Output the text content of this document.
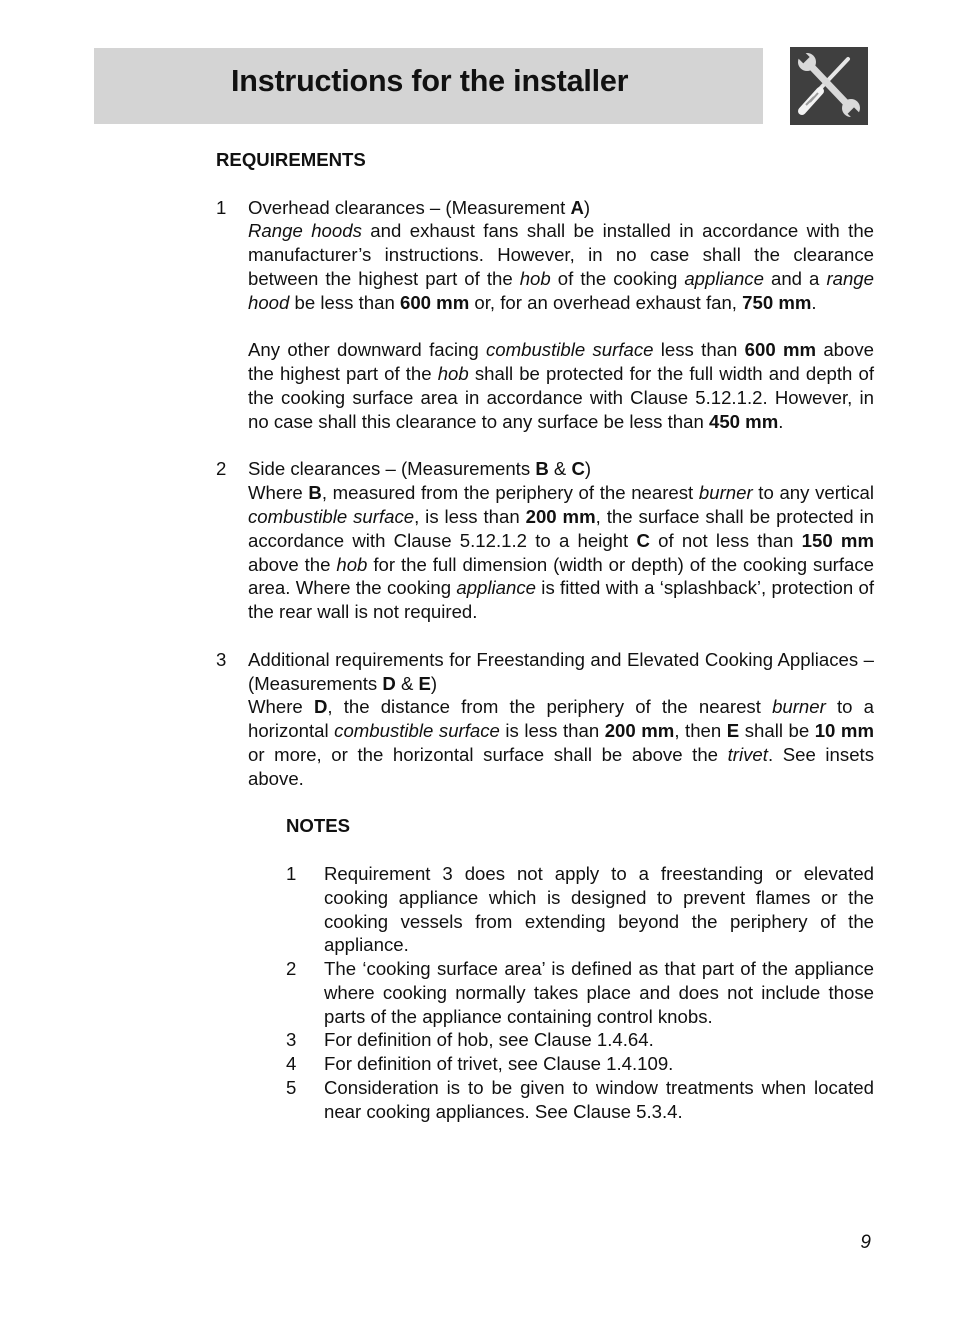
Instructions for the installer

REQUIREMENTS

1 Overhead clearances – (Measurement A)

Range hoods and exhaust fans shall be installed in accordance with the manufacturer’s instructions. However, in no case shall the clearance between the highest part of the hob of the cooking appliance and a range hood be less than 600 mm or, for an overhead exhaust fan, 750 mm.

Any other downward facing combustible surface less than 600 mm above the highest part of the hob shall be protected for the full width and depth of the cooking surface area in accordance with Clause 5.12.1.2. However, in no case shall this clearance to any surface be less than 450 mm.

2 Side clearances – (Measurements B & C)

Where B, measured from the periphery of the nearest burner to any vertical combustible surface, is less than 200 mm, the surface shall be protected in accordance with Clause 5.12.1.2 to a height C of not less than 150 mm above the hob for the full dimension (width or depth) of the cooking surface area. Where the cooking appliance is fitted with a ‘splashback’, protection of the rear wall is not required.

3 Additional requirements for Freestanding and Elevated Cooking Appliaces – (Measurements D & E)

Where D, the distance from the periphery of the nearest burner to a horizontal combustible surface is less than 200 mm, then E shall be 10 mm or more, or the horizontal surface shall be above the trivet. See insets above.

NOTES

1 Requirement 3 does not apply to a freestanding or elevated cooking appliance which is designed to prevent flames or the cooking vessels from extending beyond the periphery of the appliance.
2 The ‘cooking surface area’ is defined as that part of the appliance where cooking normally takes place and does not include those parts of the appliance containing control knobs.
3 For definition of hob, see Clause 1.4.64.
4 For definition of trivet, see Clause 1.4.109.
5 Consideration is to be given to window treatments when located near cooking appliances. See Clause 5.3.4.
9
